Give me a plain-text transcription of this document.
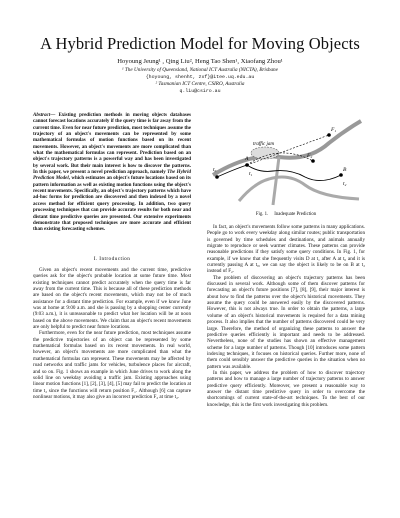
A Hybrid Prediction Model for Moving Objects
Hoyoung Jeung¹ , Qing Liu², Heng Tao Shen¹, Xiaofang Zhou¹
¹ The University of Queensland, National ICT Australia (NICTA), Brisbane
{hoyoung, shenht, zxf}@itee.uq.edu.au
² Tasmanian ICT Centre, CSIRO, Australia
q.liu@csiro.au

Abstract— Existing prediction methods in moving objects databases cannot forecast locations accurately if the query time is far away from the current time. Even for near future prediction, most techniques assume the trajectory of an object's movements can be represented by some mathematical formulas of motion functions based on its recent movements. However, an object's movements are more complicated than what the mathematical formulas can represent. Prediction based on an object's trajectory patterns is a powerful way and has been investigated by several work. But their main interest is how to discover the patterns. In this paper, we present a novel prediction approach, namely The Hybrid Prediction Model, which estimates an object's future locations based on its pattern information as well as existing motion functions using the object's recent movements. Specifically, an object's trajectory patterns which have ad-hoc forms for prediction are discovered and then indexed by a novel access method for efficient query processing. In addition, two query processing techniques that can provide accurate results for both near and distant time predictive queries are presented. Our extensive experiments demonstrate that proposed techniques are more accurate and efficient than existing forecasting schemes.

I. Introduction

Given an object's recent movements and the current time, predictive queries ask for the object's probable location at some future time. Most existing techniques cannot predict accurately when the query time is far away from the current time. This is because all of these prediction methods are based on the object's recent movements, which may not be of much assistance for a distant time prediction. For example, even if we know June was at home at 9:00 a.m. and she is passing by a shopping center currently (9:03 a.m.), it is unreasonable to predict what her location will be at noon based on the above movements. We claim that an object's recent movements are only helpful to predict near future locations.

Furthermore, even for the near future prediction, most techniques assume the predictive trajectories of an object can be represented by some mathematical formulas based on its recent movements. In real world, however, an object's movements are more complicated than what the mathematical formulas can represent. These movements may be affected by road networks and traffic jams for vehicles, turbulence places for aircraft, and so on. Fig. 1 shows an example in which June drives to work along the solid line on weekday avoiding a traffic jam. Existing approaches using linear motion functions [1], [2], [3], [4], [5] may fail to predict the location at time t₂ since the functions will return position F₁. Although [6] can capture nonlinear motions, it may also give an incorrect prediction F₂ at time t₂.

traffic jam
t₀
A
t₁
F₁
F₂
B
t₂
Fig. 1. Inadequate Prediction

In fact, an object's movements follow some patterns in many applications. People go to work every weekday along similar routes; public transportation is governed by time schedules and destinations, and animals annually migrate to reproduce or seek warmer climates. These patterns can provide reasonable predictions if they satisfy some query conditions. In Fig. 1, for example, if we know that she frequently visits D at t₁ after A at t₀ and it is currently passing A at t₀, we can say the object is likely to be on B at t₂ instead of F₂.

The problem of discovering an object's trajectory patterns has been discussed in several work. Although some of them discover patterns for forecasting an object's future positions [7], [8], [9], their major interest is about how to find the patterns over the object's historical movements. They assume the query could be answered easily by the discovered patterns. However, this is not always true. In order to obtain the patterns, a large volume of an object's historical movements is required for a data mining process. It also implies that the number of patterns discovered could be very large. Therefore, the method of organizing these patterns to answer the predictive queries efficiently is important and needs to be addressed. Nevertheless, none of the studies has shown an effective management scheme for a large number of patterns. Though [10] introduces some pattern indexing techniques, it focuses on historical queries. Further more, none of them could sensibly answer the predictive queries in the situation when no pattern was available.

In this paper, we address the problem of how to discover trajectory patterns and how to manage a large number of trajectory patterns to answer predictive query efficiently. Moreover, we present a reasonable way to answer the distant time predictive query in order to overcome the shortcomings of current state-of-the-art techniques. To the best of our knowledge, this is the first work investigating this problem.
